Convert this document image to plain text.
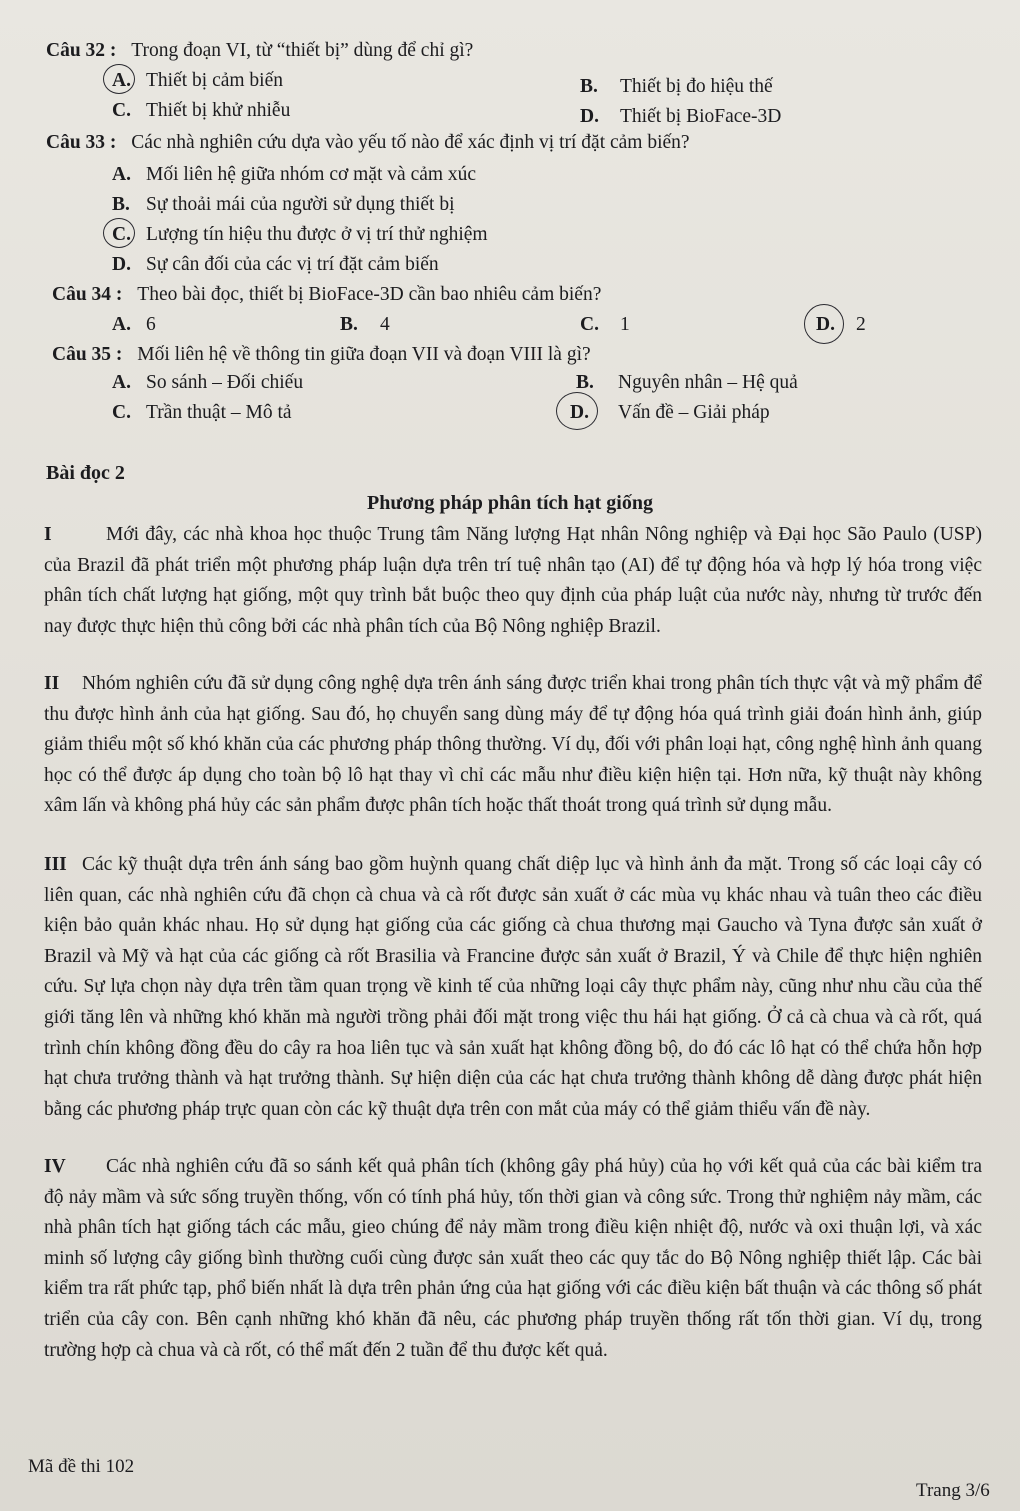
Câu 32 : Trong đoạn VI, từ “thiết bị” dùng để chỉ gì?
A. Thiết bị cảm biến	B. Thiết bị đo hiệu thế
C. Thiết bị khử nhiễu	D. Thiết bị BioFace-3D
Câu 33 : Các nhà nghiên cứu dựa vào yếu tố nào để xác định vị trí đặt cảm biến?
A. Mối liên hệ giữa nhóm cơ mặt và cảm xúc
B. Sự thoải mái của người sử dụng thiết bị
C. Lượng tín hiệu thu được ở vị trí thử nghiệm
D. Sự cân đối của các vị trí đặt cảm biến
Câu 34 : Theo bài đọc, thiết bị BioFace-3D cần bao nhiêu cảm biến?
A. 6	B. 4	C. 1	D. 2
Câu 35 : Mối liên hệ về thông tin giữa đoạn VII và đoạn VIII là gì?
A. So sánh – Đối chiếu	B. Nguyên nhân – Hệ quả
C. Trần thuật – Mô tả	D. Vấn đề – Giải pháp
Bài đọc 2
Phương pháp phân tích hạt giống
I	Mới đây, các nhà khoa học thuộc Trung tâm Năng lượng Hạt nhân Nông nghiệp và Đại học São Paulo (USP) của Brazil đã phát triển một phương pháp luận dựa trên trí tuệ nhân tạo (AI) để tự động hóa và hợp lý hóa trong việc phân tích chất lượng hạt giống, một quy trình bắt buộc theo quy định của pháp luật của nước này, nhưng từ trước đến nay được thực hiện thủ công bởi các nhà phân tích của Bộ Nông nghiệp Brazil.
II Nhóm nghiên cứu đã sử dụng công nghệ dựa trên ánh sáng được triển khai trong phân tích thực vật và mỹ phẩm để thu được hình ảnh của hạt giống. Sau đó, họ chuyển sang dùng máy để tự động hóa quá trình giải đoán hình ảnh, giúp giảm thiểu một số khó khăn của các phương pháp thông thường. Ví dụ, đối với phân loại hạt, công nghệ hình ảnh quang học có thể được áp dụng cho toàn bộ lô hạt thay vì chỉ các mẫu như điều kiện hiện tại. Hơn nữa, kỹ thuật này không xâm lấn và không phá hủy các sản phẩm được phân tích hoặc thất thoát trong quá trình sử dụng mẫu.
III Các kỹ thuật dựa trên ánh sáng bao gồm huỳnh quang chất diệp lục và hình ảnh đa mặt. Trong số các loại cây có liên quan, các nhà nghiên cứu đã chọn cà chua và cà rốt được sản xuất ở các mùa vụ khác nhau và tuân theo các điều kiện bảo quản khác nhau. Họ sử dụng hạt giống của các giống cà chua thương mại Gaucho và Tyna được sản xuất ở Brazil và Mỹ và hạt của các giống cà rốt Brasilia và Francine được sản xuất ở Brazil, Ý và Chile để thực hiện nghiên cứu. Sự lựa chọn này dựa trên tầm quan trọng về kinh tế của những loại cây thực phẩm này, cũng như nhu cầu của thế giới tăng lên và những khó khăn mà người trồng phải đối mặt trong việc thu hái hạt giống. Ở cả cà chua và cà rốt, quá trình chín không đồng đều do cây ra hoa liên tục và sản xuất hạt không đồng bộ, do đó các lô hạt có thể chứa hỗn hợp hạt chưa trưởng thành và hạt trưởng thành. Sự hiện diện của các hạt chưa trưởng thành không dễ dàng được phát hiện bằng các phương pháp trực quan còn các kỹ thuật dựa trên con mắt của máy có thể giảm thiểu vấn đề này.
IV Các nhà nghiên cứu đã so sánh kết quả phân tích (không gây phá hủy) của họ với kết quả của các bài kiểm tra độ nảy mầm và sức sống truyền thống, vốn có tính phá hủy, tốn thời gian và công sức. Trong thử nghiệm nảy mầm, các nhà phân tích hạt giống tách các mẫu, gieo chúng để nảy mầm trong điều kiện nhiệt độ, nước và oxi thuận lợi, và xác minh số lượng cây giống bình thường cuối cùng được sản xuất theo các quy tắc do Bộ Nông nghiệp thiết lập. Các bài kiểm tra rất phức tạp, phổ biến nhất là dựa trên phản ứng của hạt giống với các điều kiện bất thuận và các thông số phát triển của cây con. Bên cạnh những khó khăn đã nêu, các phương pháp truyền thống rất tốn thời gian. Ví dụ, trong trường hợp cà chua và cà rốt, có thể mất đến 2 tuần để thu được kết quả.
Mã đề thi 102
Trang 3/6
